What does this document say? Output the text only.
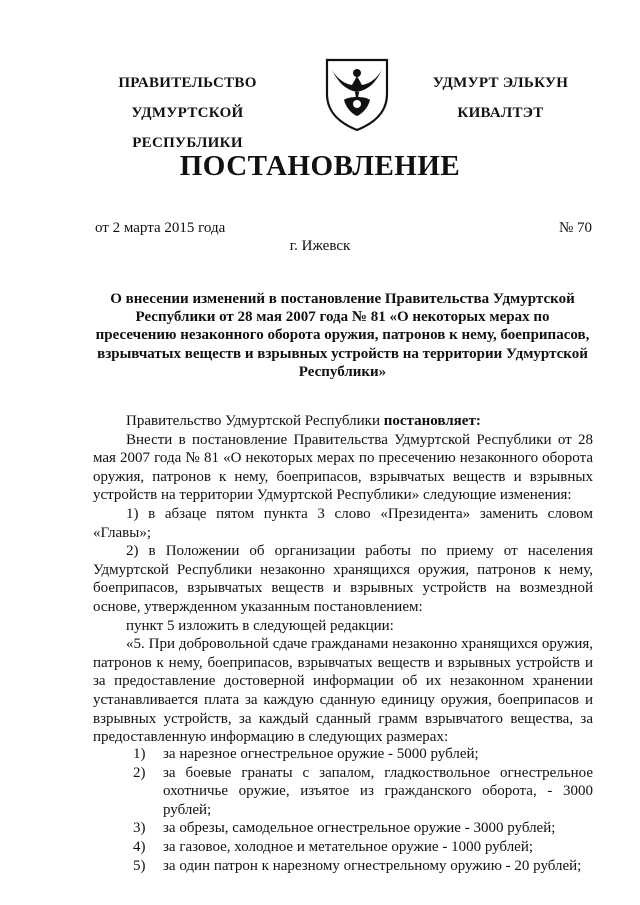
ПРАВИТЕЛЬСТВО
УДМУРТСКОЙ РЕСПУБЛИКИ
УДМУРТ ЭЛЬКУН
КИВАЛТЭТ
ПОСТАНОВЛЕНИЕ
от 2 марта 2015 года	№ 70
г. Ижевск
О внесении изменений в постановление Правительства Удмуртской Республики от 28 мая 2007 года № 81 «О некоторых мерах по пресечению незаконного оборота оружия, патронов к нему, боеприпасов, взрывчатых веществ и взрывных устройств на территории Удмуртской Республики»

Правительство Удмуртской Республики постановляет:

Внести в постановление Правительства Удмуртской Республики от 28 мая 2007 года № 81 «О некоторых мерах по пресечению незаконного оборота оружия, патронов к нему, боеприпасов, взрывчатых веществ и взрывных устройств на территории Удмуртской Республики» следующие изменения:

1) в абзаце пятом пункта 3 слово «Президента» заменить словом «Главы»;

2) в Положении об организации работы по приему от населения Удмуртской Республики незаконно хранящихся оружия, патронов к нему, боеприпасов, взрывчатых веществ и взрывных устройств на возмездной основе, утвержденном указанным постановлением:

пункт 5 изложить в следующей редакции:

«5. При добровольной сдаче гражданами незаконно хранящихся оружия, патронов к нему, боеприпасов, взрывчатых веществ и взрывных устройств и за предоставление достоверной информации об их незаконном хранении устанавливается плата за каждую сданную единицу оружия, боеприпасов и взрывных устройств, за каждый сданный грамм взрывчатого вещества, за предоставленную информацию в следующих размерах:

1) за нарезное огнестрельное оружие - 5000 рублей;

2) за боевые гранаты с запалом, гладкоствольное огнестрельное охотничье оружие, изъятое из гражданского оборота, - 3000 рублей;

3) за обрезы, самодельное огнестрельное оружие - 3000 рублей;

4) за газовое, холодное и метательное оружие - 1000 рублей;

5) за один патрон к нарезному огнестрельному оружию - 20 рублей;
